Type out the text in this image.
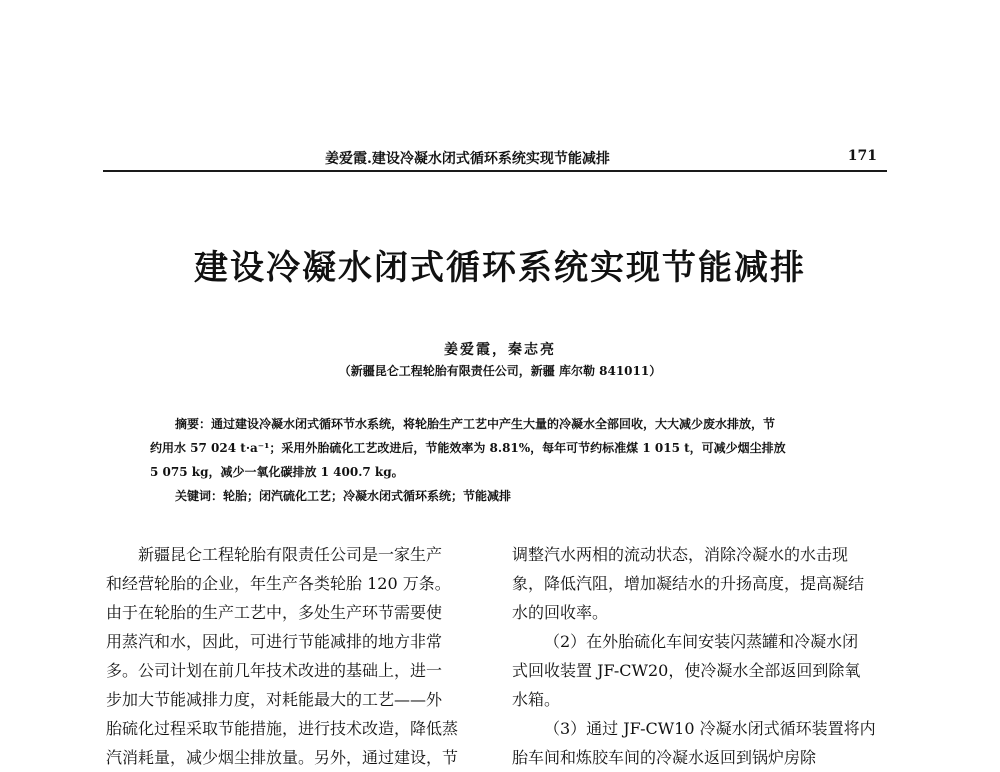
姜爱霞.建设冷凝水闭式循环系统实现节能减排	171
建设冷凝水闭式循环系统实现节能减排
姜爱霞，秦志亮
（新疆昆仑工程轮胎有限责任公司，新疆 库尔勒 841011）
摘要：通过建设冷凝水闭式循环节水系统，将轮胎生产工艺中产生大量的冷凝水全部回收，大大减少废水排放，节
约用水 57 024 t·a⁻¹；采用外胎硫化工艺改进后，节能效率为 8.81%，每年可节约标准煤 1 015 t，可减少烟尘排放
5 075 kg，减少一氧化碳排放 1 400.7 kg。
关键词：轮胎；闭汽硫化工艺；冷凝水闭式循环系统；节能减排
新疆昆仑工程轮胎有限责任公司是一家生产
和经营轮胎的企业，年生产各类轮胎 120 万条。
由于在轮胎的生产工艺中，多处生产环节需要使
用蒸汽和水，因此，可进行节能减排的地方非常
多。公司计划在前几年技术改进的基础上，进一
步加大节能减排力度，对耗能最大的工艺——外
胎硫化过程采取节能措施，进行技术改造，降低蒸
汽消耗量，减少烟尘排放量。另外，通过建设，节
调整汽水两相的流动状态，消除冷凝水的水击现
象，降低汽阻，增加凝结水的升扬高度，提高凝结
水的回收率。
（2）在外胎硫化车间安装闪蒸罐和冷凝水闭
式回收装置 JF-CW20，使冷凝水全部返回到除氧
水箱。
（3）通过 JF-CW10 冷凝水闭式循环装置将内
胎车间和炼胶车间的冷凝水返回到锅炉房除
